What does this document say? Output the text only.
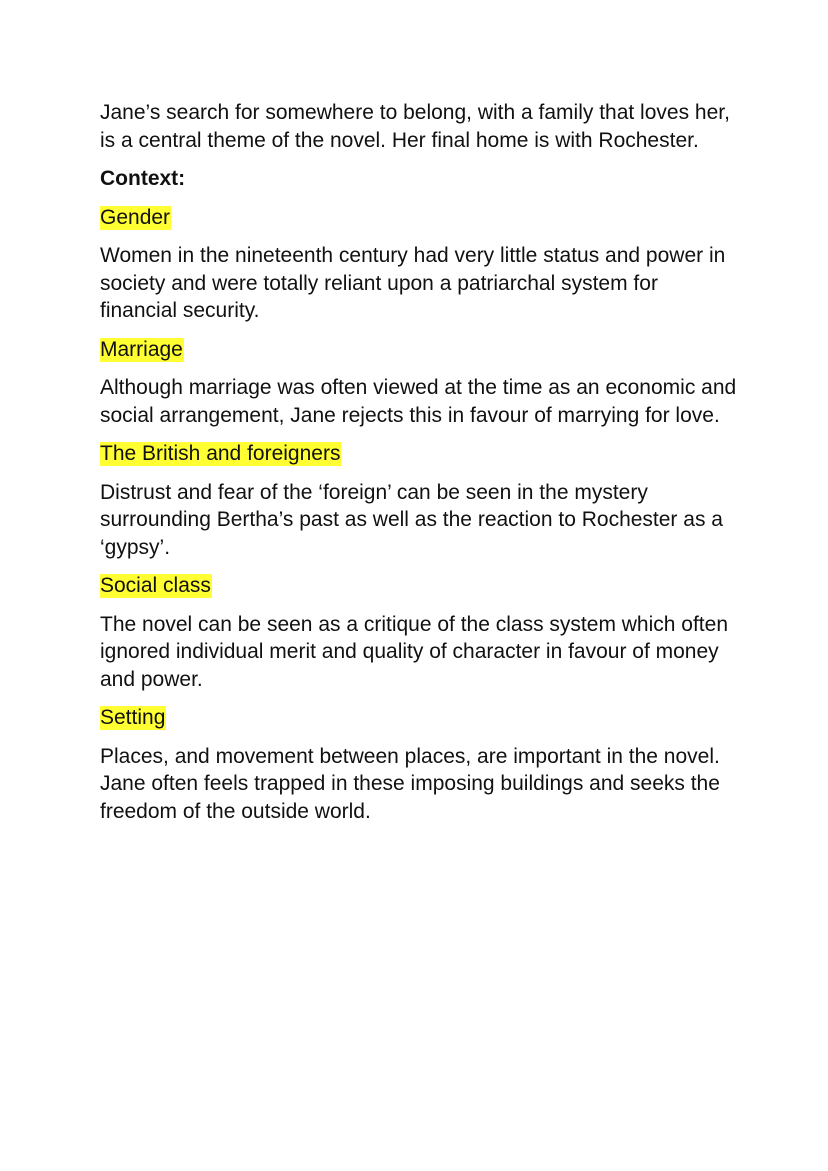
Jane’s search for somewhere to belong, with a family that loves her, is a central theme of the novel. Her final home is with Rochester.

Context:

Gender

Women in the nineteenth century had very little status and power in society and were totally reliant upon a patriarchal system for financial security.

Marriage

Although marriage was often viewed at the time as an economic and social arrangement, Jane rejects this in favour of marrying for love.

The British and foreigners

Distrust and fear of the ‘foreign’ can be seen in the mystery surrounding Bertha’s past as well as the reaction to Rochester as a ‘gypsy’.

Social class

The novel can be seen as a critique of the class system which often ignored individual merit and quality of character in favour of money and power.

Setting

Places, and movement between places, are important in the novel. Jane often feels trapped in these imposing buildings and seeks the freedom of the outside world.
